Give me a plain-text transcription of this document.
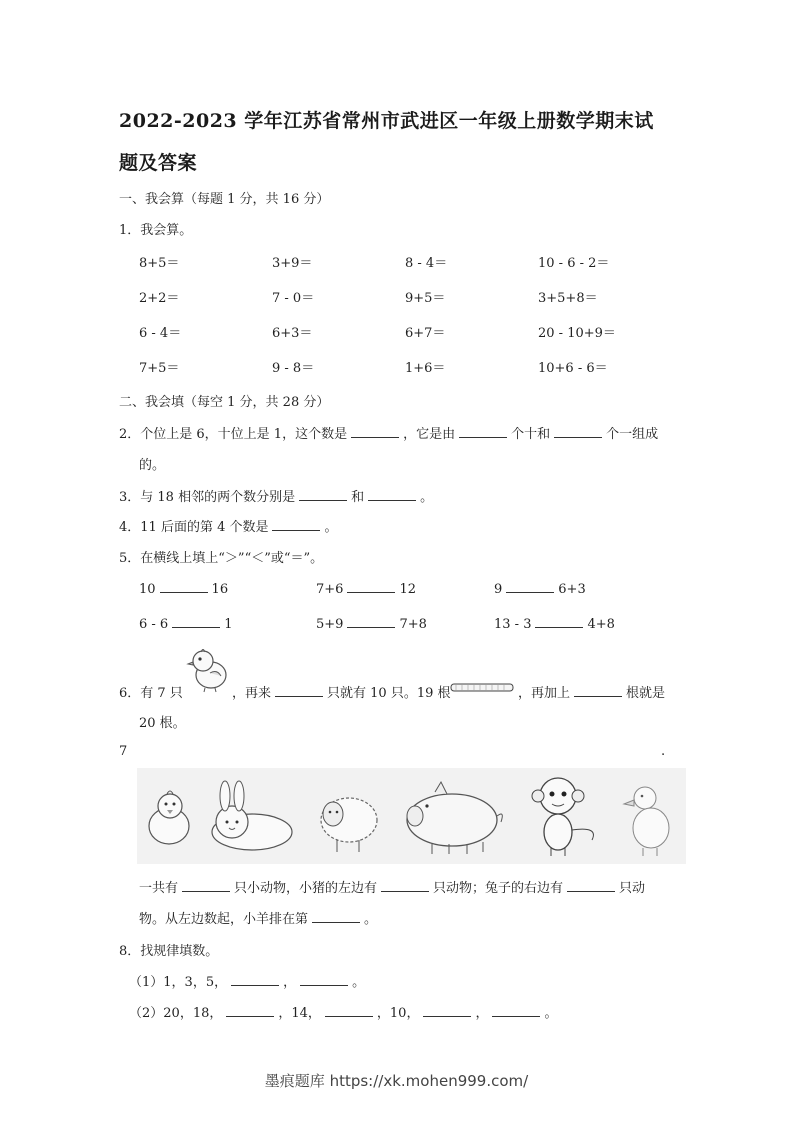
2022-2023 学年江苏省常州市武进区一年级上册数学期末试
题及答案
一、我会算（每题 1 分，共 16 分）
1．我会算。
8+5＝	3+9＝	8 - 4＝	10 - 6 - 2＝
2+2＝	7 - 0＝	9+5＝	3+5+8＝
6 - 4＝	6+3＝	6+7＝	20 - 10+9＝
7+5＝	9 - 8＝	1+6＝	10+6 - 6＝
二、我会填（每空 1 分，共 28 分）
2．个位上是 6，十位上是 1，这个数是	，它是由	个十和	个一组成
的。
3．与 18 相邻的两个数分别是	和	。
4．11 后面的第 4 个数是	。
5．在横线上填上“＞”“＜”或“＝”。
10	16	7+6	12	9	6+3
6 - 6	1	5+9	7+8	13 - 3	4+8
6．有 7 只	，再来	只就有 10 只。19 根	，再加上	根就是
20 根。
7	.
一共有	只小动物，小猪的左边有	只动物；兔子的右边有	只动
物。从左边数起，小羊排在第	。
8．找规律填数。
（1）1，3，5，	，	。
（2）20，18，	，14，	，10，	，	。
墨痕题库 https://xk.mohen999.com/
